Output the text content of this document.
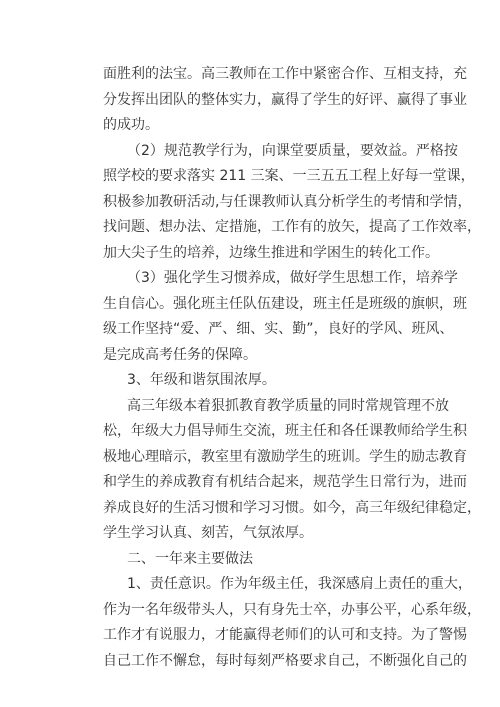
面胜利的法宝。高三教师在工作中紧密合作、互相支持，充
分发挥出团队的整体实力，赢得了学生的好评、赢得了事业
的成功。
（2）规范教学行为，向课堂要质量，要效益。严格按
照学校的要求落实 211 三案、一三五五工程上好每一堂课，
积极参加教研活动,与任课教师认真分析学生的考情和学情，
找问题、想办法、定措施，工作有的放矢，提高了工作效率，
加大尖子生的培养，边缘生推进和学困生的转化工作。
（3）强化学生习惯养成，做好学生思想工作，培养学
生自信心。强化班主任队伍建设，班主任是班级的旗帜，班
级工作坚持“爱、严、细、实、勤”，良好的学风、班风、
是完成高考任务的保障。
3、年级和谐氛围浓厚。
高三年级本着狠抓教育教学质量的同时常规管理不放
松，年级大力倡导师生交流，班主任和各任课教师给学生积
极地心理暗示，教室里有激励学生的班训。学生的励志教育
和学生的养成教育有机结合起来，规范学生日常行为，进而
养成良好的生活习惯和学习习惯。如今，高三年级纪律稳定，
学生学习认真、刻苦，气氛浓厚。
二、一年来主要做法
1、责任意识。作为年级主任，我深感肩上责任的重大，
作为一名年级带头人，只有身先士卒，办事公平，心系年级，
工作才有说服力，才能赢得老师们的认可和支持。为了警惕
自己工作不懈怠，每时每刻严格要求自己，不断强化自己的
